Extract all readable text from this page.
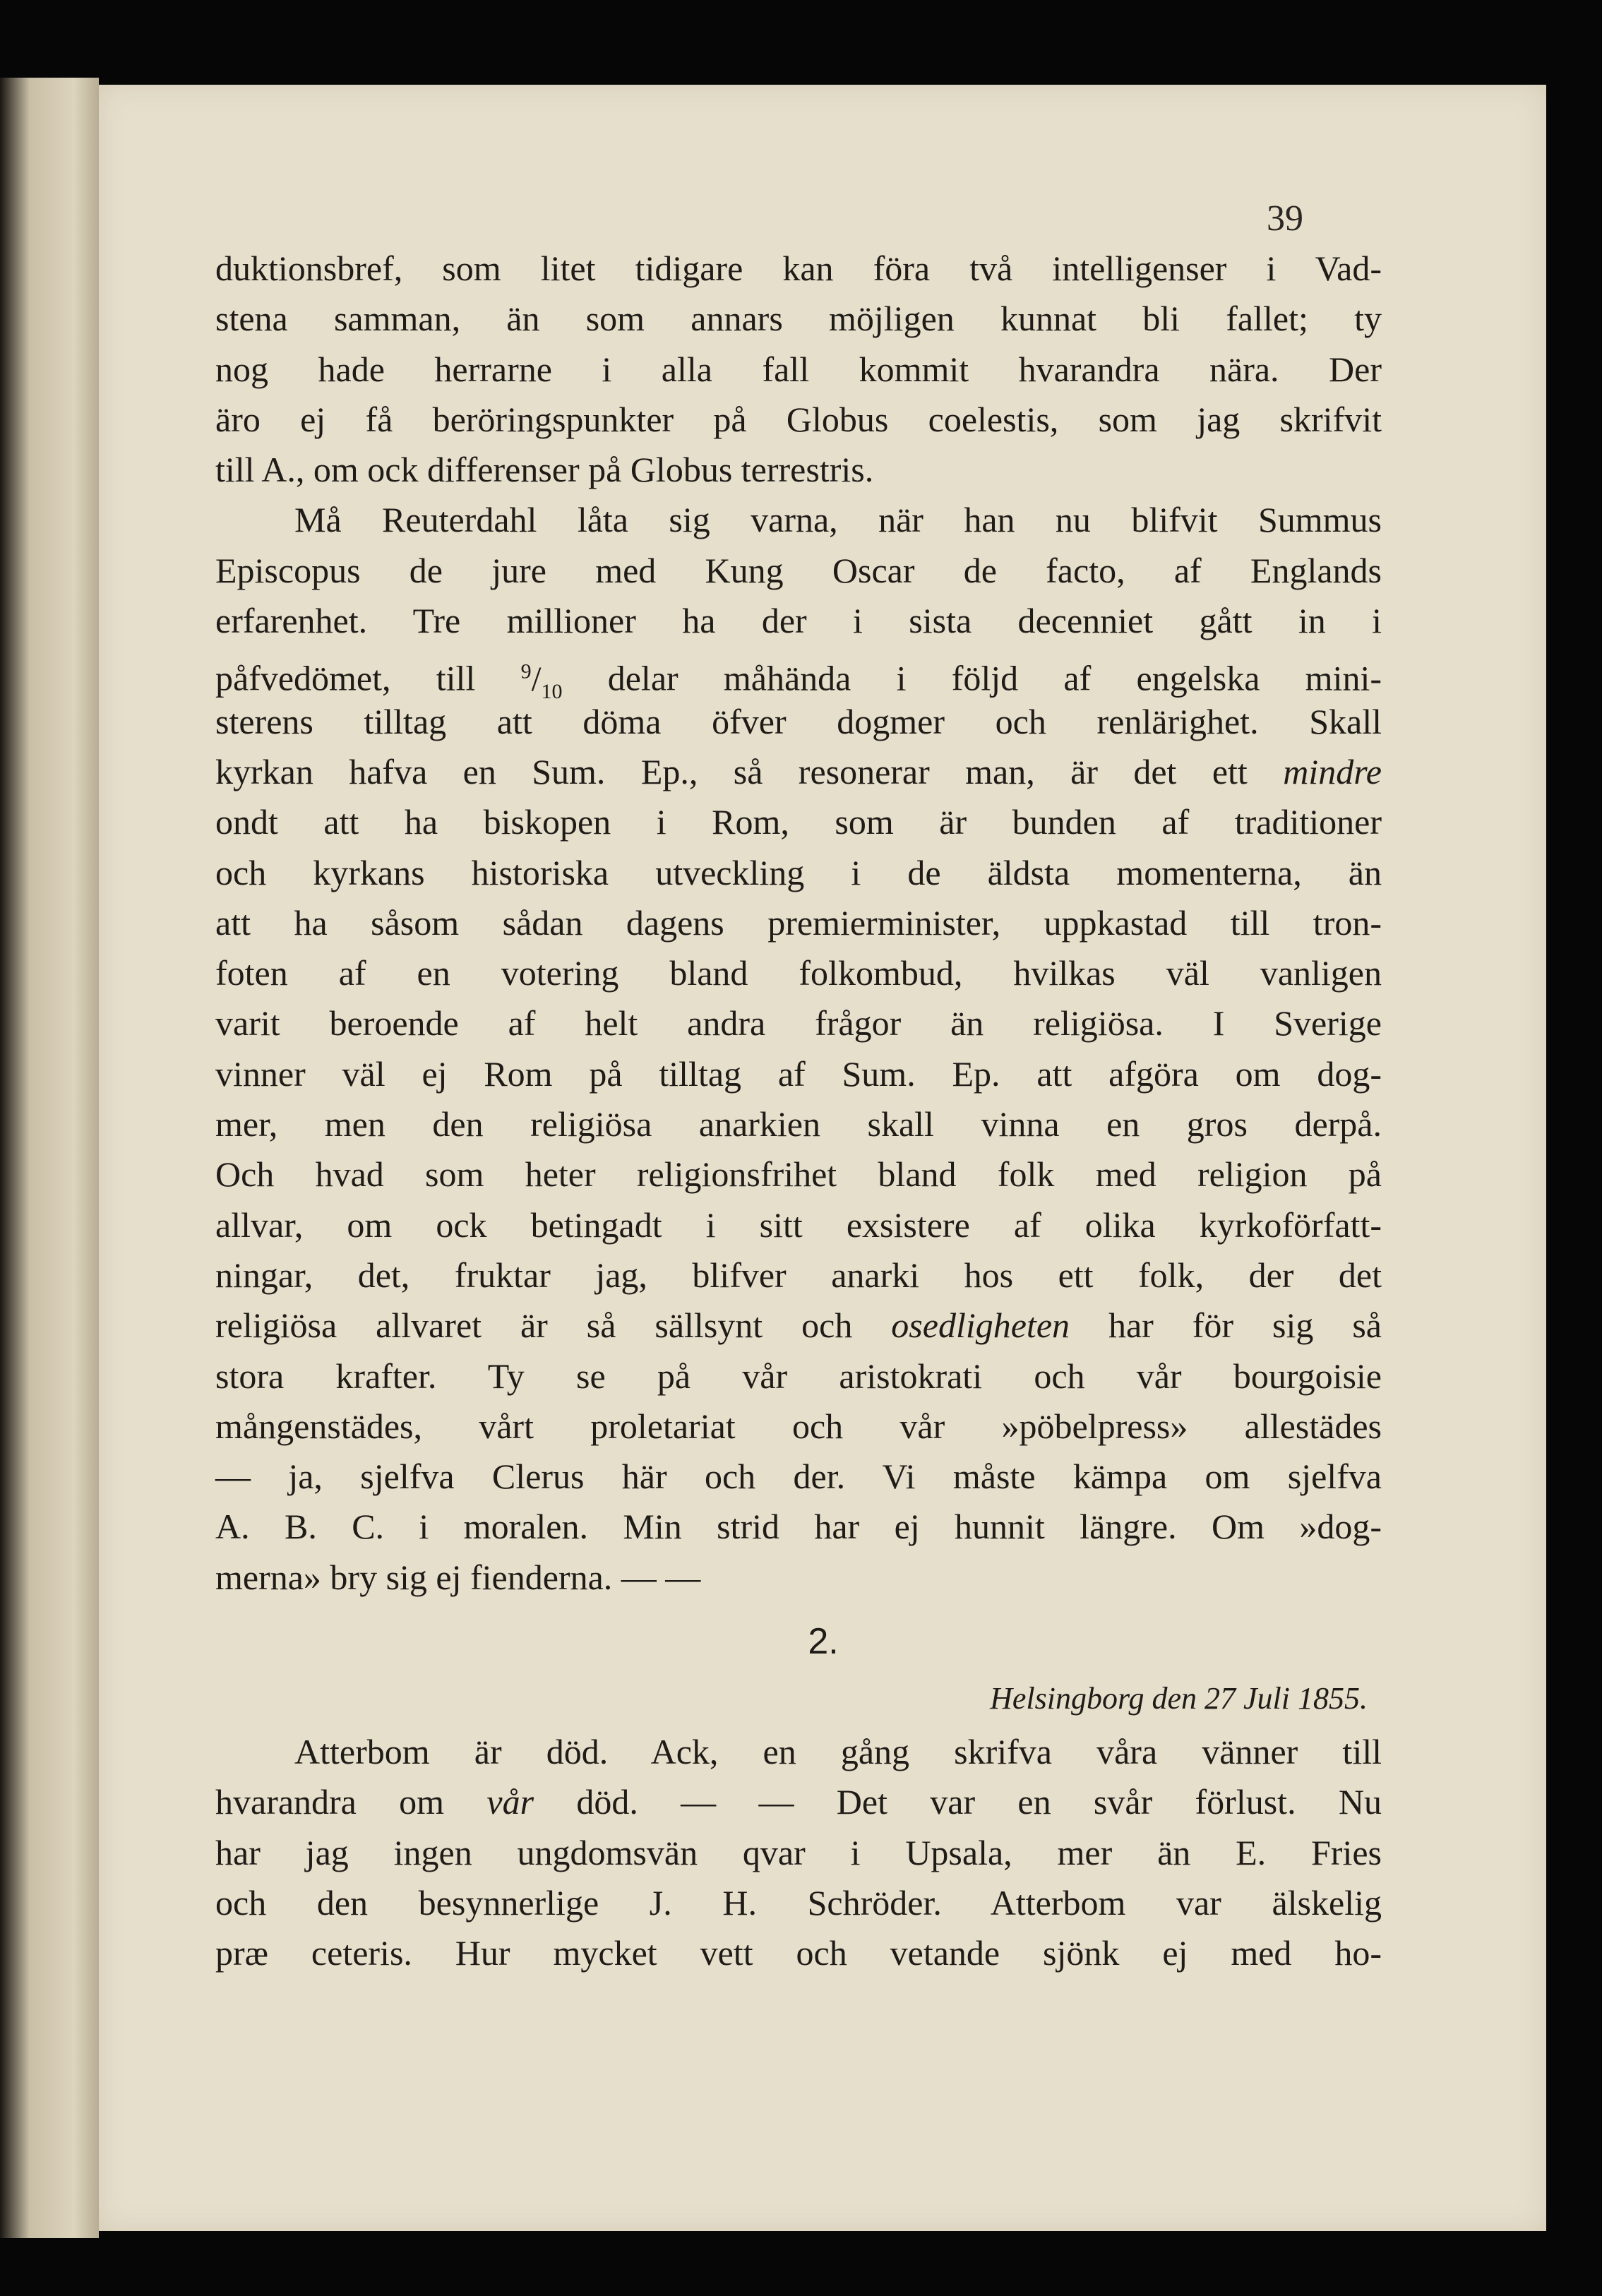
39
duktionsbref, som litet tidigare kan föra två intelligenser i Vad-
stena samman, än som annars möjligen kunnat bli fallet; ty
nog hade herrarne i alla fall kommit hvarandra nära. Der
äro ej få beröringspunkter på Globus coelestis, som jag skrifvit
till A., om ock differenser på Globus terrestris.
Må Reuterdahl låta sig varna, när han nu blifvit Summus
Episcopus de jure med Kung Oscar de facto, af Englands
erfarenhet. Tre millioner ha der i sista decenniet gått in i
påfvedömet, till $^9/_{10}$ delar måhända i följd af engelska mini-
sterens tilltag att döma öfver dogmer och renlärighet. Skall
kyrkan hafva en Sum. Ep., så resonerar man, är det ett mindre
ondt att ha biskopen i Rom, som är bunden af traditioner
och kyrkans historiska utveckling i de äldsta momenterna, än
att ha såsom sådan dagens premierminister, uppkastad till tron-
foten af en votering bland folkombud, hvilkas väl vanligen
varit beroende af helt andra frågor än religiösa. I Sverige
vinner väl ej Rom på tilltag af Sum. Ep. att afgöra om dog-
mer, men den religiösa anarkien skall vinna en gros derpå.
Och hvad som heter religionsfrihet bland folk med religion på
allvar, om ock betingadt i sitt exsistere af olika kyrkoförfatt-
ningar, det, fruktar jag, blifver anarki hos ett folk, der det
religiösa allvaret är så sällsynt och osedligheten har för sig så
stora krafter. Ty se på vår aristokrati och vår bourgoisie
mångenstädes, vårt proletariat och vår »pöbelpress» allestädes
— ja, sjelfva Clerus här och der. Vi måste kämpa om sjelfva
A. B. C. i moralen. Min strid har ej hunnit längre. Om »dog-
merna» bry sig ej fienderna. — —
2.
Helsingborg den 27 Juli 1855.
Atterbom är död. Ack, en gång skrifva våra vänner till
hvarandra om vår död. — — Det var en svår förlust. Nu
har jag ingen ungdomsvän qvar i Upsala, mer än E. Fries
och den besynnerlige J. H. Schröder. Atterbom var älskelig
præ ceteris. Hur mycket vett och vetande sjönk ej med ho-
